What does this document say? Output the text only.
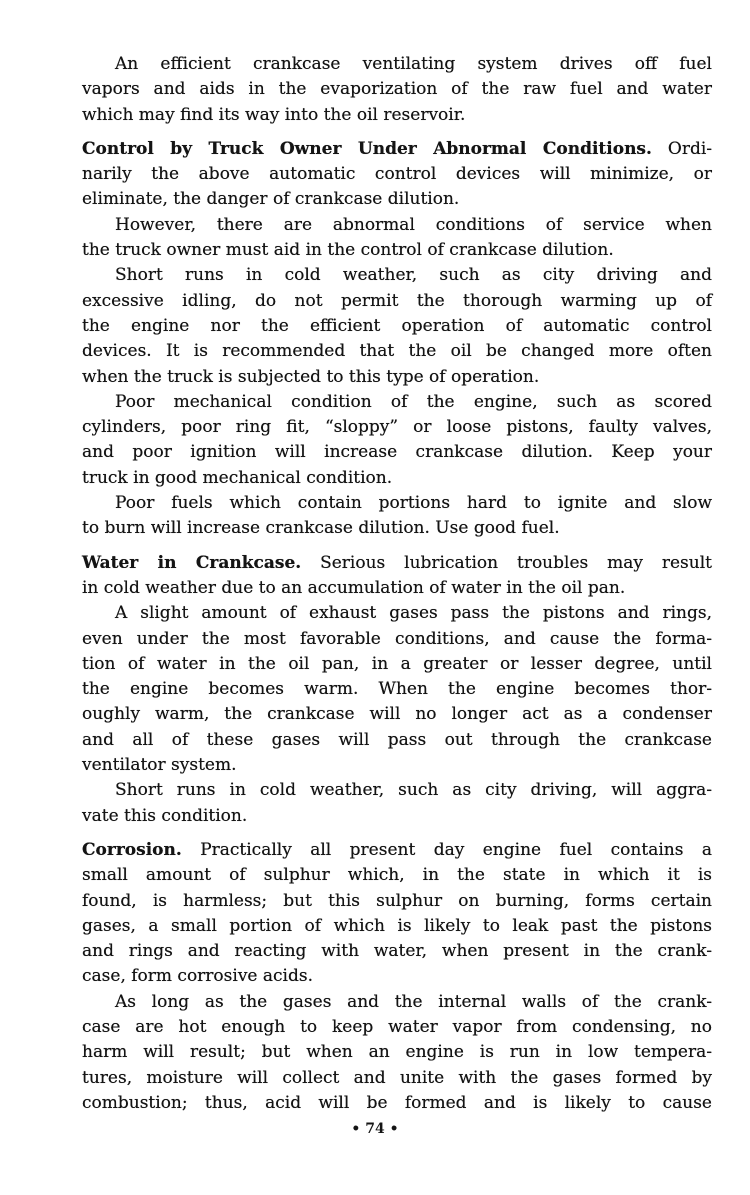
An efficient crankcase ventilating system drives off fuel
vapors and aids in the evaporization of the raw fuel and water
which may find its way into the oil reservoir.
Control by Truck Owner Under Abnormal Conditions. Ordi-
narily the above automatic control devices will minimize, or
eliminate, the danger of crankcase dilution.
However, there are abnormal conditions of service when
the truck owner must aid in the control of crankcase dilution.
Short runs in cold weather, such as city driving and
excessive idling, do not permit the thorough warming up of
the engine nor the efficient operation of automatic control
devices. It is recommended that the oil be changed more often
when the truck is subjected to this type of operation.
Poor mechanical condition of the engine, such as scored
cylinders, poor ring fit, “sloppy” or loose pistons, faulty valves,
and poor ignition will increase crankcase dilution. Keep your
truck in good mechanical condition.
Poor fuels which contain portions hard to ignite and slow
to burn will increase crankcase dilution. Use good fuel.
Water in Crankcase. Serious lubrication troubles may result
in cold weather due to an accumulation of water in the oil pan.
A slight amount of exhaust gases pass the pistons and rings,
even under the most favorable conditions, and cause the forma-
tion of water in the oil pan, in a greater or lesser degree, until
the engine becomes warm. When the engine becomes thor-
oughly warm, the crankcase will no longer act as a condenser
and all of these gases will pass out through the crankcase
ventilator system.
Short runs in cold weather, such as city driving, will aggra-
vate this condition.
Corrosion. Practically all present day engine fuel contains a
small amount of sulphur which, in the state in which it is
found, is harmless; but this sulphur on burning, forms certain
gases, a small portion of which is likely to leak past the pistons
and rings and reacting with water, when present in the crank-
case, form corrosive acids.
As long as the gases and the internal walls of the crank-
case are hot enough to keep water vapor from condensing, no
harm will result; but when an engine is run in low tempera-
tures, moisture will collect and unite with the gases formed by
combustion; thus, acid will be formed and is likely to cause
• 74 •
